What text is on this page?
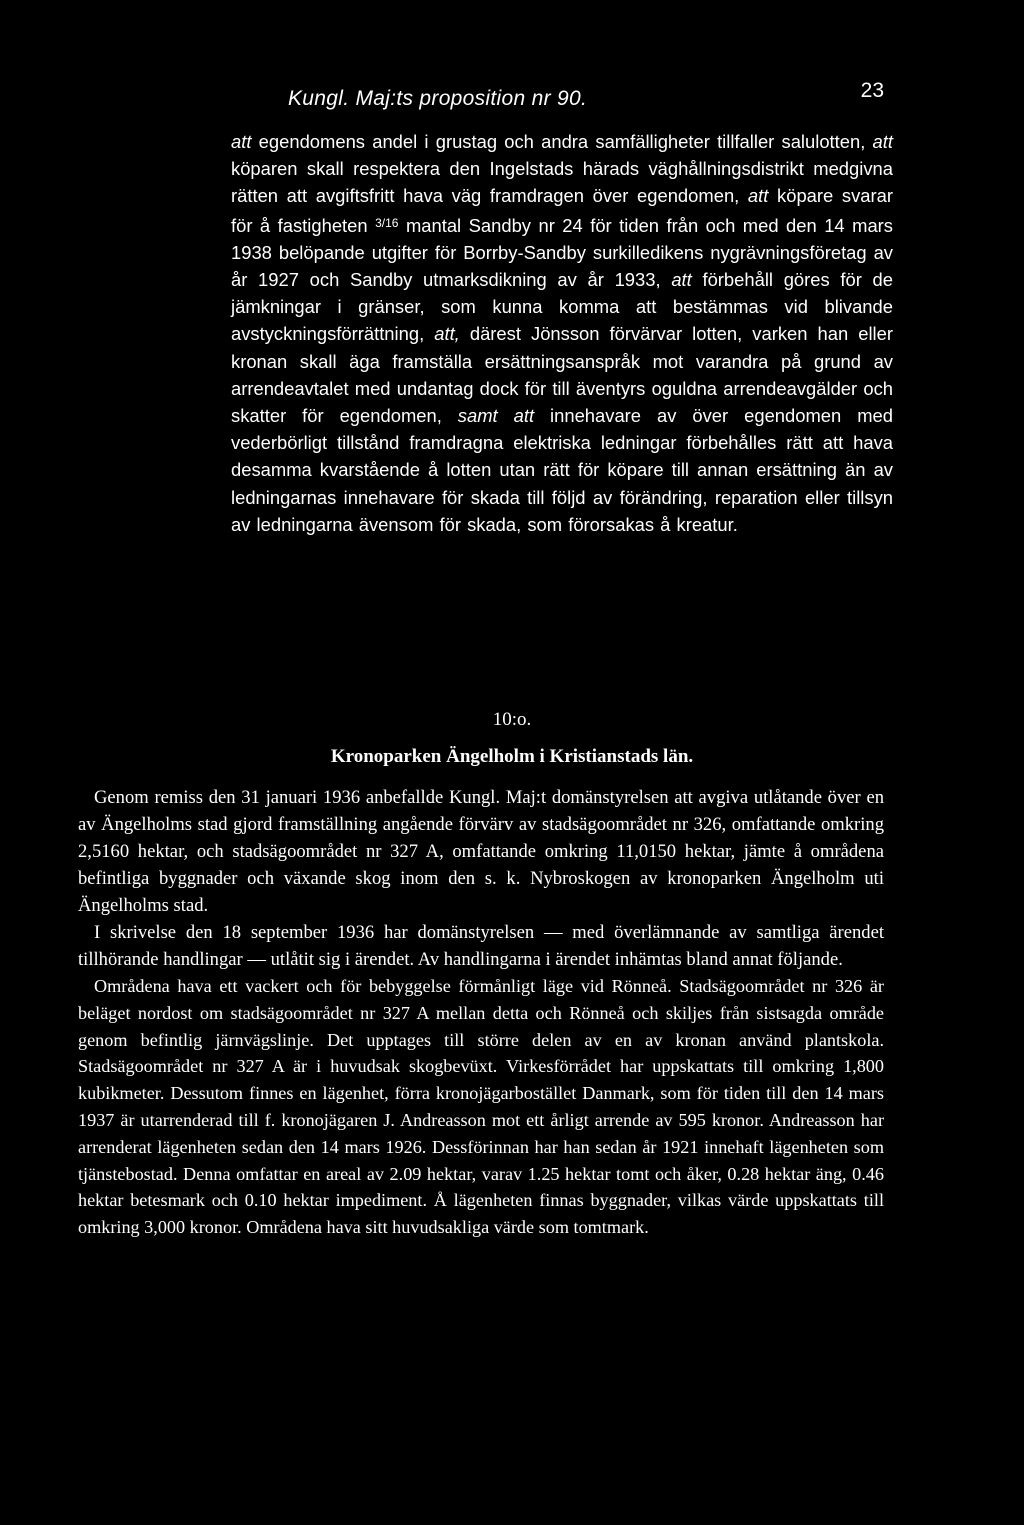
Kungl. Maj:ts proposition nr 90.	23
att egendomens andel i grustag och andra samfälligheter tillfaller salulotten, att köparen skall respektera den Ingelstads härads väghållningsdistrikt medgivna rätten att avgiftsfritt hava väg framdragen över egendomen, att köpare svarar för å fastigheten $^{3/16}$ mantal Sandby nr 24 för tiden från och med den 14 mars 1938 belöpande utgifter för Borrby-Sandby surkilledikens nygrävningsföretag av år 1927 och Sandby utmarksdikning av år 1933, att förbehåll göres för de jämkningar i gränser, som kunna komma att bestämmas vid blivande avstyckningsförrättning, att, därest Jönsson förvärvar lotten, varken han eller kronan skall äga framställa ersättningsanspråk mot varandra på grund av arrendeavtalet med undantag dock för till äventyrs oguldna arrendeavgälder och skatter för egendomen, samt att innehavare av över egendomen med vederbörligt tillstånd framdragna elektriska ledningar förbehålles rätt att hava desamma kvarstående å lotten utan rätt för köpare till annan ersättning än av ledningarnas innehavare för skada till följd av förändring, reparation eller tillsyn av ledningarna ävensom för skada, som förorsakas å kreatur.
10:o.
Kronoparken Ängelholm i Kristianstads län.

Genom remiss den 31 januari 1936 anbefallde Kungl. Maj:t domänstyrelsen att avgiva utlåtande över en av Ängelholms stad gjord framställning angående förvärv av stadsägoområdet nr 326, omfattande omkring 2,5160 hektar, och stadsägoområdet nr 327 A, omfattande omkring 11,0150 hektar, jämte å områdena befintliga byggnader och växande skog inom den s. k. Nybroskogen av kronoparken Ängelholm uti Ängelholms stad.

I skrivelse den 18 september 1936 har domänstyrelsen — med överlämnande av samtliga ärendet tillhörande handlingar — utlåtit sig i ärendet. Av handlingarna i ärendet inhämtas bland annat följande.

Områdena hava ett vackert och för bebyggelse förmånligt läge vid Rönneå. Stadsägoområdet nr 326 är beläget nordost om stadsägoområdet nr 327 A mellan detta och Rönneå och skiljes från sistsagda område genom befintlig järnvägslinje. Det upptages till större delen av en av kronan använd plantskola. Stadsägoområdet nr 327 A är i huvudsak skogbevüxt. Virkesförrådet har uppskattats till omkring 1,800 kubikmeter. Dessutom finnes en lägenhet, förra kronojägarbostället Danmark, som för tiden till den 14 mars 1937 är utarrenderad till f. kronojägaren J. Andreasson mot ett årligt arrende av 595 kronor. Andreasson har arrenderat lägenheten sedan den 14 mars 1926. Dessförinnan har han sedan år 1921 innehaft lägenheten som tjänstebostad. Denna omfattar en areal av 2.09 hektar, varav 1.25 hektar tomt och åker, 0.28 hektar äng, 0.46 hektar betesmark och 0.10 hektar impediment. Å lägenheten finnas byggnader, vilkas värde uppskattats till omkring 3,000 kronor. Områdena hava sitt huvudsakliga värde som tomtmark.
